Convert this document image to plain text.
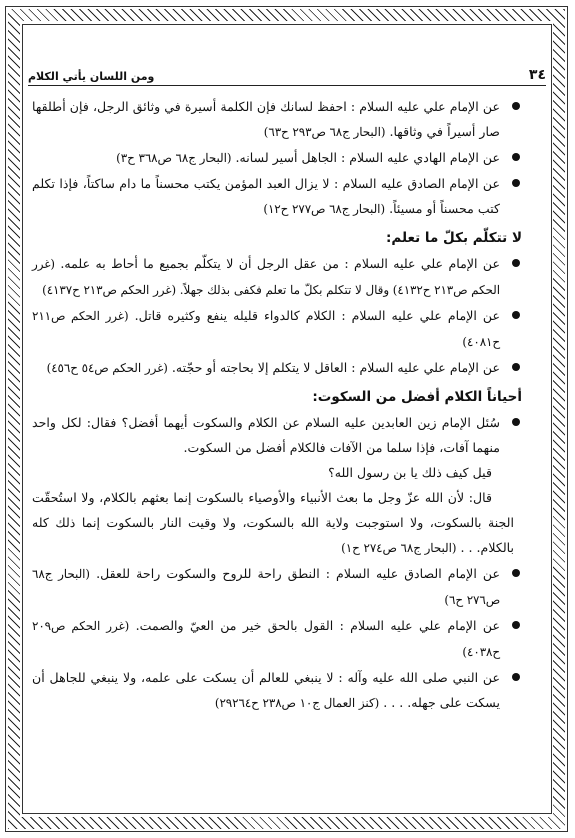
ومن اللسان يأتي الكلام	٣٤
عن الإمام علي عليه السلام : احفظ لسانك فإن الكلمة أسيرة في وثائق الرجل، فإن أطلقها صار أسيراً في وثاقها. (البحار ج٦٨ ص٢٩٣ ح٦٣)
عن الإمام الهادي عليه السلام : الجاهل أسير لسانه. (البحار ج٦٨ ص٣٦٨ ح٣)
عن الإمام الصادق عليه السلام : لا يزال العبد المؤمن يكتب محسناً ما دام ساكتاً، فإذا تكلم كتب محسناً أو مسيئاً. (البحار ج٦٨ ص٢٧٧ ح١٢)
لا تتكلّم بكلّ ما تعلم:
عن الإمام علي عليه السلام : من عقل الرجل أن لا يتكلّم بجميع ما أحاط به علمه. (غرر الحكم ص٢١٣ ح٤١٣٢) وقال لا تتكلم بكلّ ما تعلم فكفى بذلك جهلاً. (غرر الحكم ص٢١٣ ح٤١٣٧)
عن الإمام علي عليه السلام : الكلام كالدواء قليله ينفع وكثيره قاتل. (غرر الحكم ص٢١١ ح٤٠٨١)
عن الإمام علي عليه السلام : العاقل لا يتكلم إلا بحاجته أو حجّته. (غرر الحكم ص٥٤ ح٤٥٦)
أحياناً الكلام أفضل من السكوت:
سُئل الإمام زين العابدين عليه السلام عن الكلام والسكوت أيهما أفضل؟ فقال: لكل واحد منهما آفات، فإذا سلما من الآفات فالكلام أفضل من السكوت.
قيل كيف ذلك يا بن رسول الله؟
قال: لأن الله عزّ وجل ما بعث الأنبياء والأوصياء بالسكوت إنما بعثهم بالكلام، ولا استُحقّت الجنة بالسكوت، ولا استوجبت ولاية الله بالسكوت، ولا وقيت النار بالسكوت إنما ذلك كله بالكلام. . . (البحار ج٦٨ ص٢٧٤ ح١)
عن الإمام الصادق عليه السلام : النطق راحة للروح والسكوت راحة للعقل. (البحار ج٦٨ ص٢٧٦ ح٦)
عن الإمام علي عليه السلام : القول بالحق خير من العيّ والصمت. (غرر الحكم ص٢٠٩ ح٤٠٣٨)
عن النبي صلى الله عليه وآله : لا ينبغي للعالم أن يسكت على علمه، ولا ينبغي للجاهل أن يسكت على جهله. . . . (كنز العمال ج١٠ ص٢٣٨ ح٢٩٢٦٤)
